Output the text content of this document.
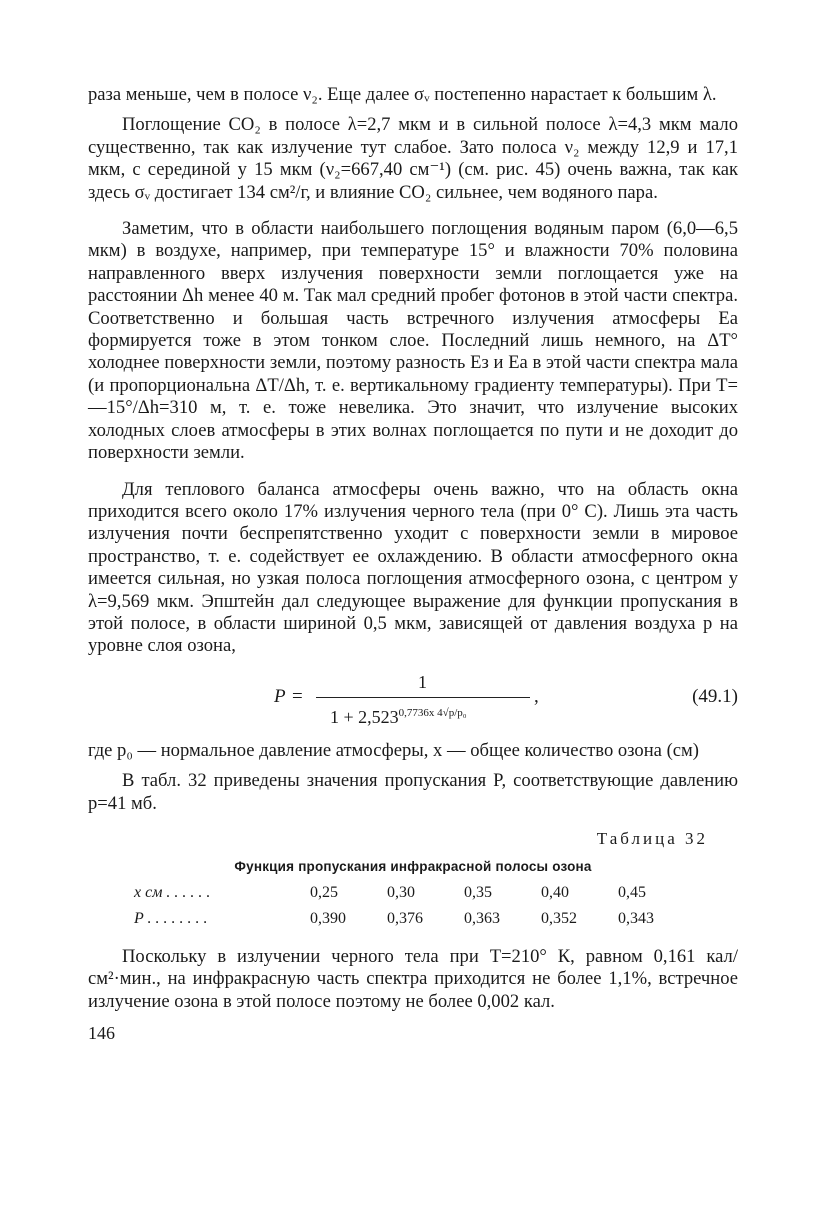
раза меньше, чем в полосе ν₂. Еще далее σᵥ постепенно нарастает к большим λ.

Поглощение CO₂ в полосе λ=2,7 мкм и в сильной полосе λ=4,3 мкм мало существенно, так как излучение тут слабое. Зато полоса ν₂ между 12,9 и 17,1 мкм, с серединой у 15 мкм (ν₂=667,40 см⁻¹) (см. рис. 45) очень важна, так как здесь σᵥ достигает 134 см²/г, и влияние CO₂ сильнее, чем водяного пара.

Заметим, что в области наибольшего поглощения водяным паром (6,0—6,5 мкм) в воздухе, например, при температуре 15° и влажности 70% половина направленного вверх излучения поверхности земли поглощается уже на расстоянии Δh менее 40 м. Так мал средний пробег фотонов в этой части спектра. Соответственно и большая часть встречного излучения атмосферы Eа формируется тоже в этом тонком слое. Последний лишь немного, на ΔT° холоднее поверхности земли, поэтому разность Eз и Eа в этой части спектра мала (и пропорциональна ΔT/Δh, т. е. вертикальному градиенту температуры). При T=—15°/Δh=310 м, т. е. тоже невелика. Это значит, что излучение высоких холодных слоев атмосферы в этих волнах поглощается по пути и не доходит до поверхности земли.

Для теплового баланса атмосферы очень важно, что на область окна приходится всего около 17% излучения черного тела (при 0° С). Лишь эта часть излучения почти беспрепятственно уходит с поверхности земли в мировое пространство, т. е. содействует ее охлаждению. В области атмосферного окна имеется сильная, но узкая полоса поглощения атмосферного озона, с центром у λ=9,569 мкм. Эпштейн дал следующее выражение для функции пропускания в этой полосе, в области шириной 0,5 мкм, зависящей от давления воздуха p на уровне слоя озона,

P =
1
,
$1 + 2,523^{0,7736x 4√p/p_0}$
(49.1)

где p₀ — нормальное давление атмосферы, x — общее количество озона (см)

В табл. 32 приведены значения пропускания P, соответствующие давлению p=41 мб.

Таблица 32
Функция пропускания инфракрасной полосы озона
x см . . . . . .	0,25	0,30	0,35	0,40	0,45
P . . . . . . . .	0,390	0,376	0,363	0,352	0,343

Поскольку в излучении черного тела при T=210° К, равном 0,161 кал/см²·мин., на инфракрасную часть спектра приходится не более 1,1%, встречное излучение озона в этой полосе поэтому не более 0,002 кал.

146
